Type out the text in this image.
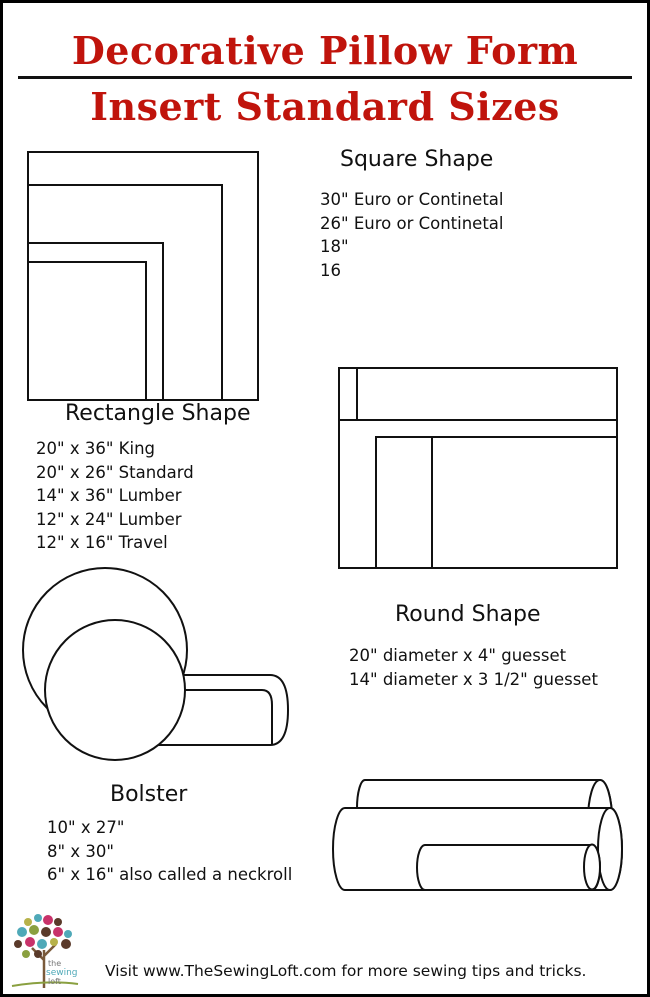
Decorative Pillow Form
Insert Standard Sizes
Square Shape
30" Euro or Continetal
26" Euro or Continetal
18"
16
Rectangle Shape
20" x 36" King
20" x 26" Standard
14" x 36" Lumber
12" x 24" Lumber
12" x 16" Travel
Round Shape
20" diameter x 4" guesset
14" diameter x 3 1/2" guesset
Bolster
10" x 27"
8" x 30"
6" x 16" also called a neckroll
the
sewing
loft
Visit www.TheSewingLoft.com for more sewing tips and tricks.
